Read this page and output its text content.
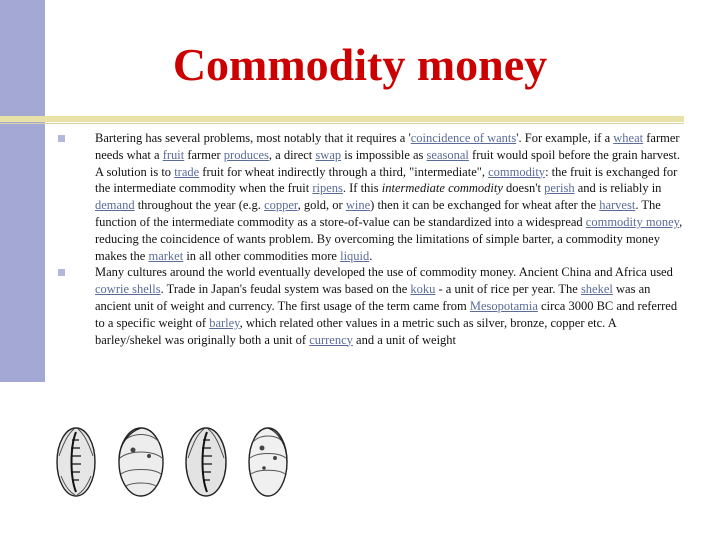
Commodity money
Bartering has several problems, most notably that it requires a 'coincidence of wants'. For example, if a wheat farmer needs what a fruit farmer produces, a direct swap is impossible as seasonal fruit would spoil before the grain harvest. A solution is to trade fruit for wheat indirectly through a third, "intermediate", commodity: the fruit is exchanged for the intermediate commodity when the fruit ripens. If this intermediate commodity doesn't perish and is reliably in demand throughout the year (e.g. copper, gold, or wine) then it can be exchanged for wheat after the harvest. The function of the intermediate commodity as a store-of-value can be standardized into a widespread commodity money, reducing the coincidence of wants problem. By overcoming the limitations of simple barter, a commodity money makes the market in all other commodities more liquid.
Many cultures around the world eventually developed the use of commodity money. Ancient China and Africa used cowrie shells. Trade in Japan's feudal system was based on the koku - a unit of rice per year. The shekel was an ancient unit of weight and currency. The first usage of the term came from Mesopotamia circa 3000 BC and referred to a specific weight of barley, which related other values in a metric such as silver, bronze, copper etc. A barley/shekel was originally both a unit of currency and a unit of weight
